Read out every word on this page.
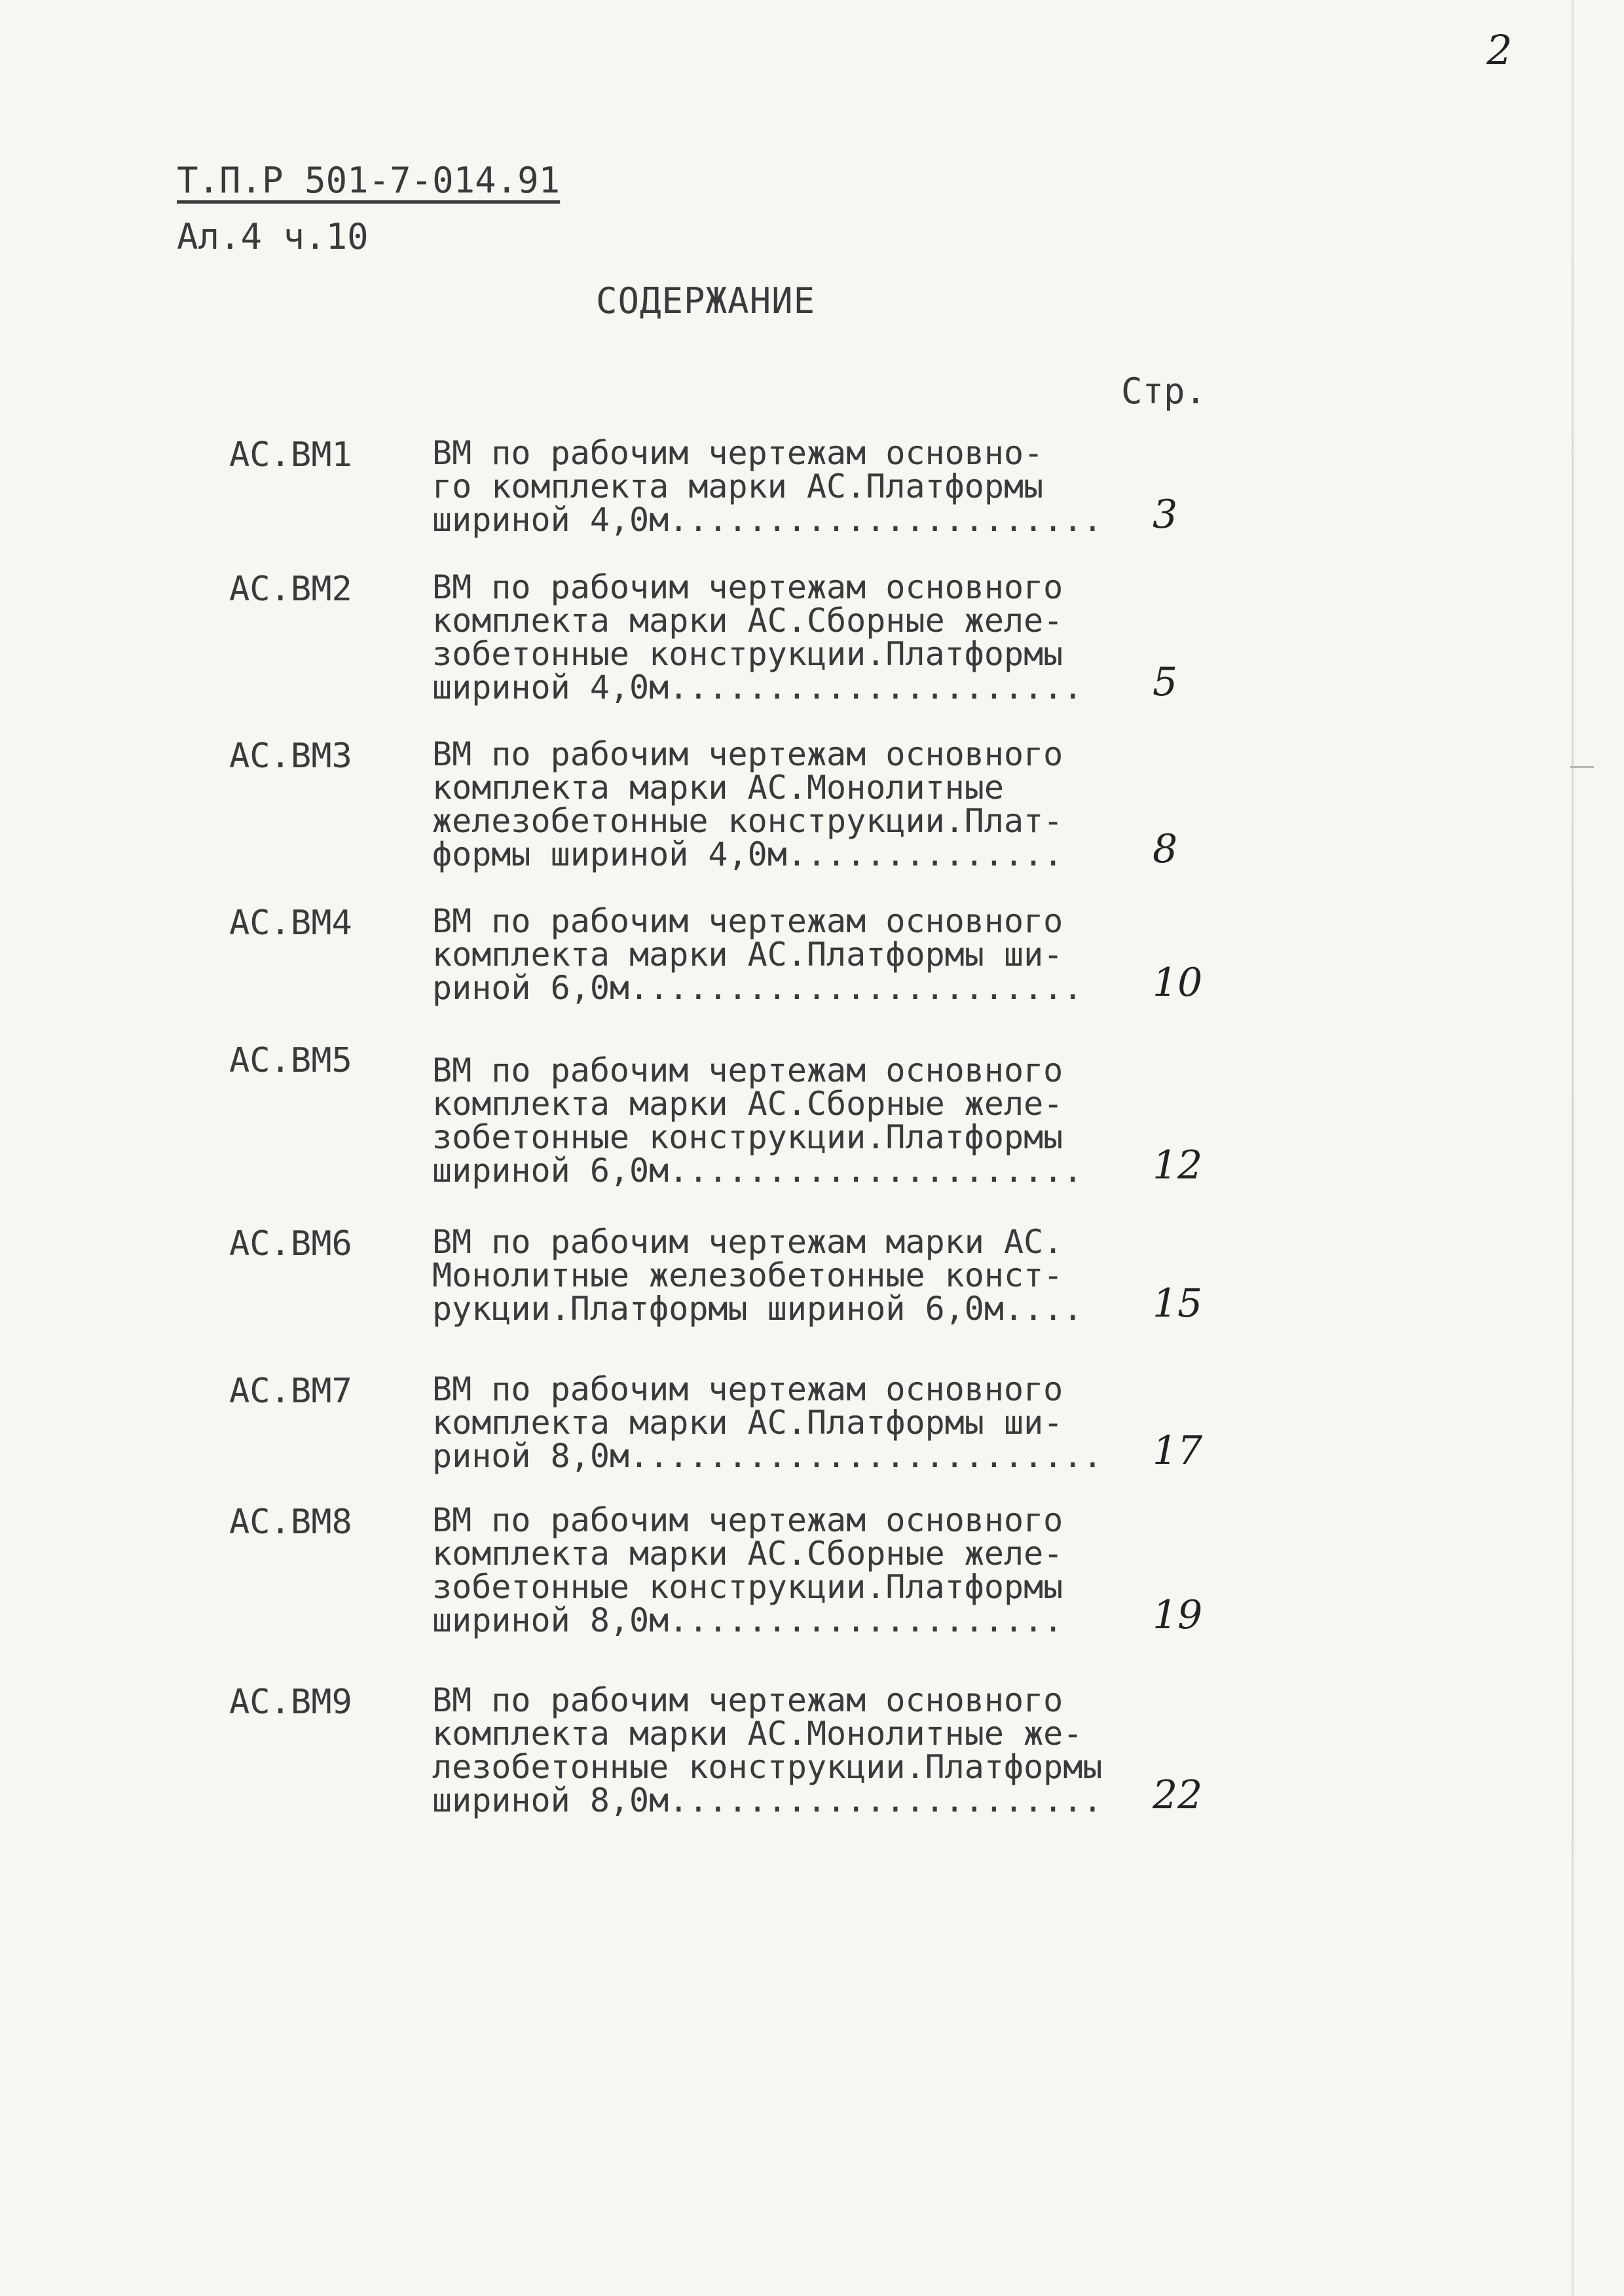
2
Т.П.Р 501-7-014.91
Ал.4 ч.10
СОДЕРЖАНИЕ
Стр.
АС.ВМ1 ВМ по рабочим чертежам основно-
го комплекта марки АС.Платформы
шириной 4,0м...................... 3
АС.ВМ2 ВМ по рабочим чертежам основного
комплекта марки АС.Сборные желе-
зобетонные конструкции.Платформы
шириной 4,0м..................... 5
АС.ВМ3 ВМ по рабочим чертежам основного
комплекта марки АС.Монолитные
железобетонные конструкции.Плат-
формы шириной 4,0м.............. 8
АС.ВМ4 ВМ по рабочим чертежам основного
комплекта марки АС.Платформы ши-
риной 6,0м....................... 10
АС.ВМ5 ВМ по рабочим чертежам основного
комплекта марки АС.Сборные желе-
зобетонные конструкции.Платформы
шириной 6,0м..................... 12
АС.ВМ6 ВМ по рабочим чертежам марки АС.
Монолитные железобетонные конст-
рукции.Платформы шириной 6,0м.... 15
АС.ВМ7 ВМ по рабочим чертежам основного
комплекта марки АС.Платформы ши-
риной 8,0м........................ 17
АС.ВМ8 ВМ по рабочим чертежам основного
комплекта марки АС.Сборные желе-
зобетонные конструкции.Платформы
шириной 8,0м.................... 19
АС.ВМ9 ВМ по рабочим чертежам основного
комплекта марки АС.Монолитные же-
лезобетонные конструкции.Платформы
шириной 8,0м...................... 22
